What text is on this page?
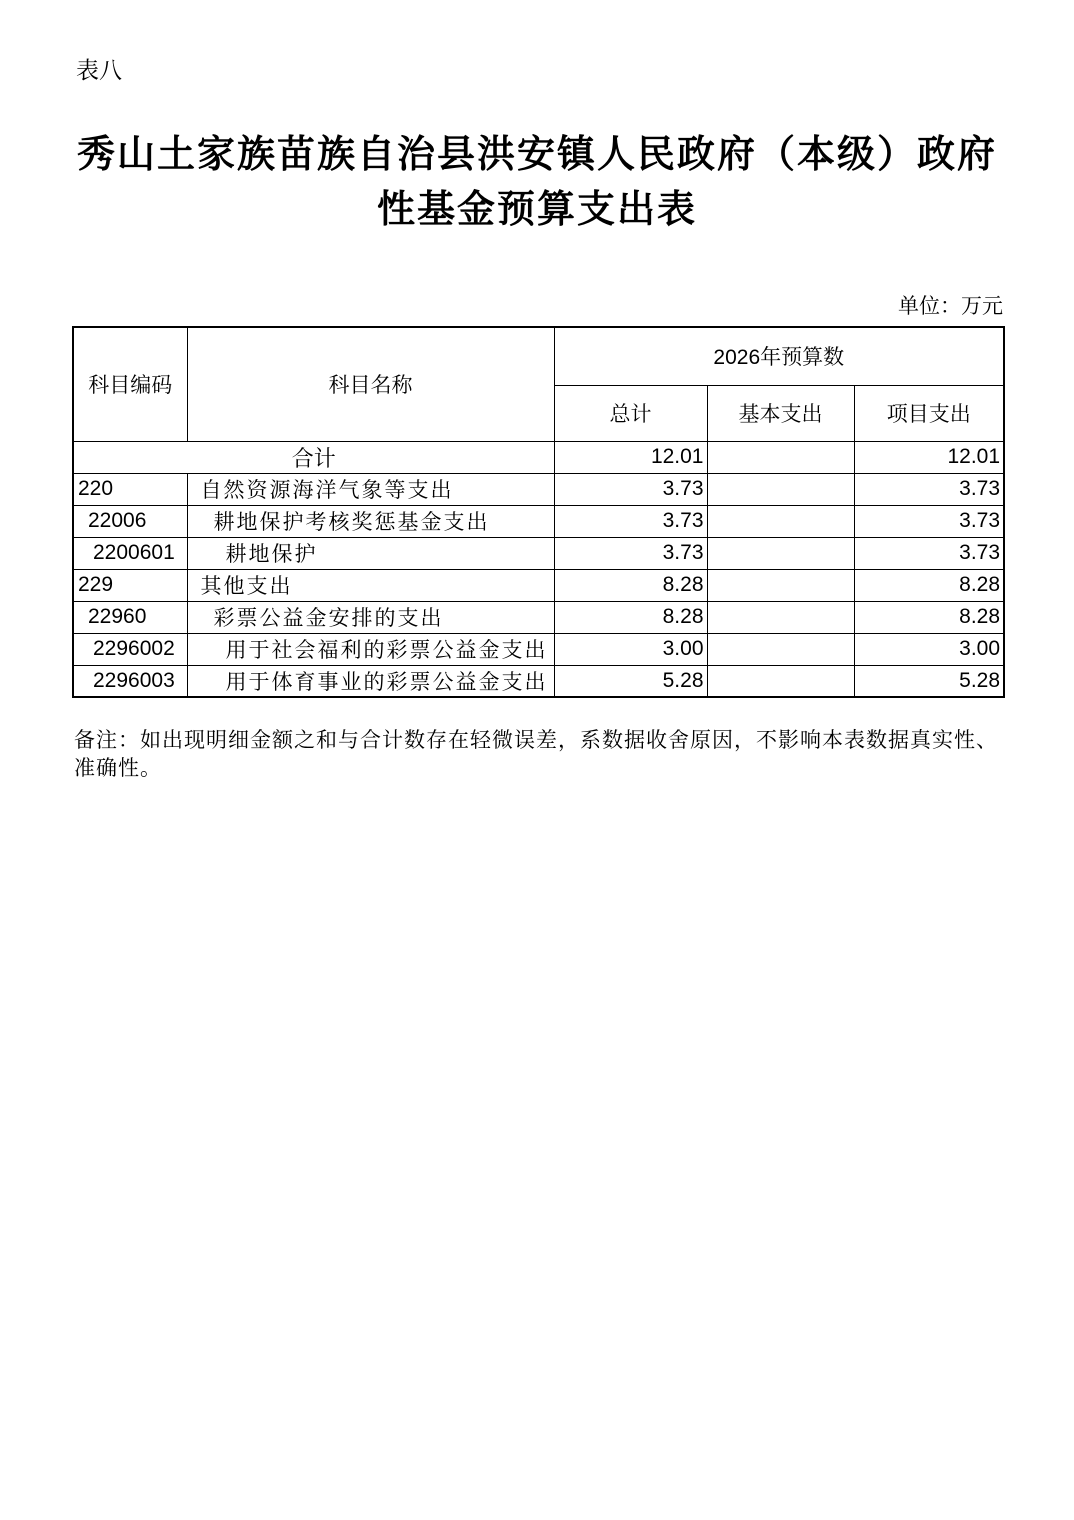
表八
秀山土家族苗族自治县洪安镇人民政府（本级）政府
性基金预算支出表
单位：万元
科目编码	科目名称	2026年预算数		
		总计	基本支出	项目支出
合计		12.01		12.01
220	自然资源海洋气象等支出	3.73		3.73
22006	耕地保护考核奖惩基金支出	3.73		3.73
2200601	耕地保护	3.73		3.73
229	其他支出	8.28		8.28
22960	彩票公益金安排的支出	8.28		8.28
2296002	用于社会福利的彩票公益金支出	3.00		3.00
2296003	用于体育事业的彩票公益金支出	5.28		5.28

备注：如出现明细金额之和与合计数存在轻微误差，系数据收舍原因，不影响本表数据真实性、准确性。
